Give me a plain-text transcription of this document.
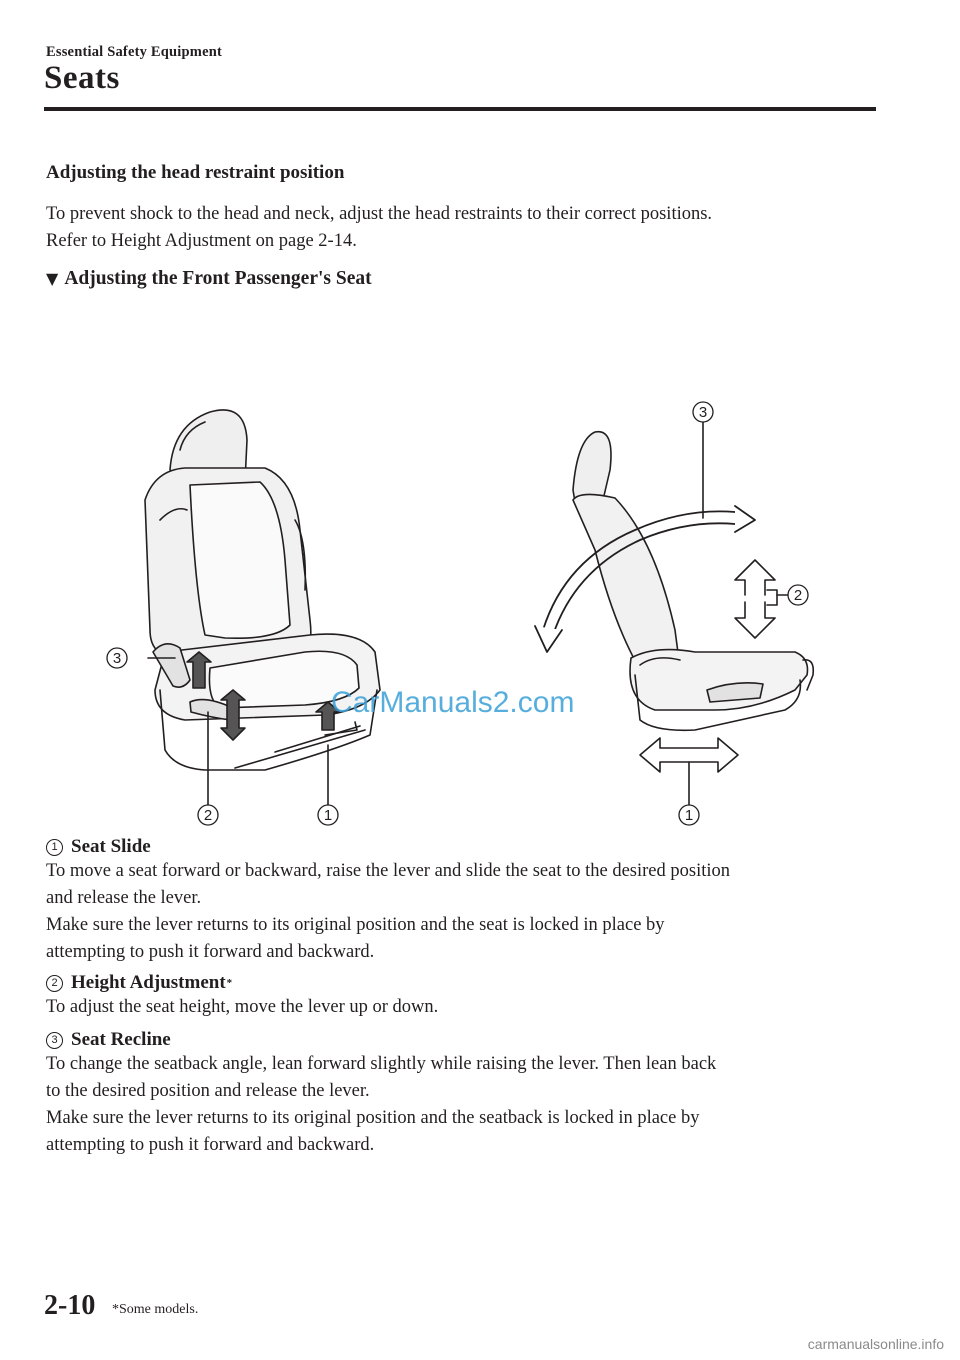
Essential Safety Equipment
Seats
Adjusting the head restraint position
To prevent shock to the head and neck, adjust the head restraints to their correct positions.
Refer to Height Adjustment on page 2-14.
▼ Adjusting the Front Passenger's Seat
3
2	1
3
2
1
CarManuals2.com
1 Seat Slide
To move a seat forward or backward, raise the lever and slide the seat to the desired position
and release the lever.
Make sure the lever returns to its original position and the seat is locked in place by
attempting to push it forward and backward.
2 Height Adjustment *
To adjust the seat height, move the lever up or down.
3 Seat Recline
To change the seatback angle, lean forward slightly while raising the lever. Then lean back
to the desired position and release the lever.
Make sure the lever returns to its original position and the seatback is locked in place by
attempting to push it forward and backward.
2-10 *Some models.
carmanualsonline.info
